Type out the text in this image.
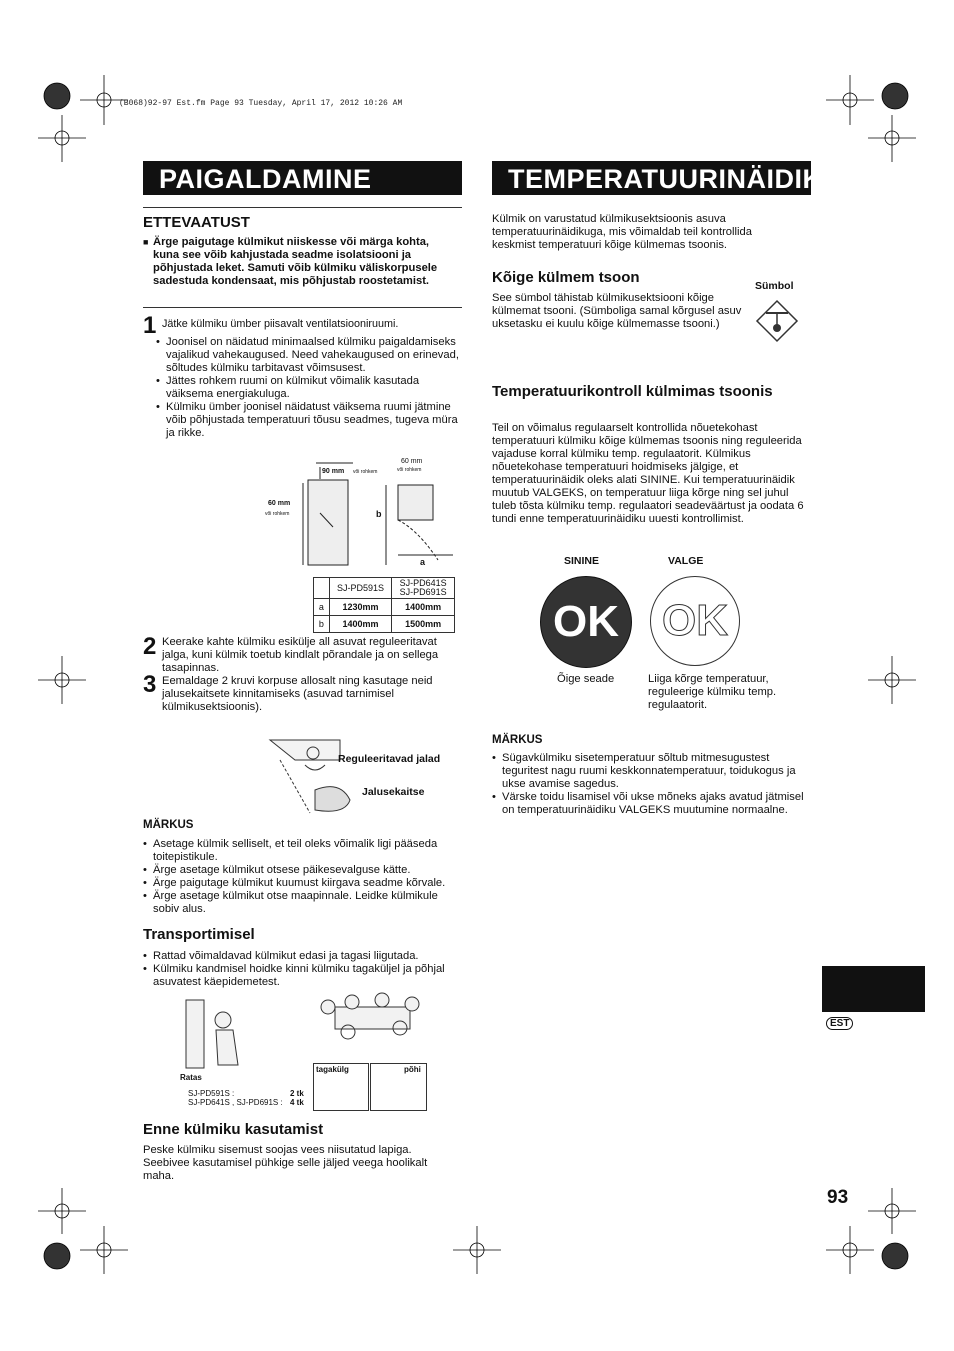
(B068)92-97 Est.fm Page 93 Tuesday, April 17, 2012 10:26 AM
PAIGALDAMINE
ETTEVAATUST
■ Ärge paigutage külmikut niiskesse või märga kohta, kuna see võib kahjustada seadme isolatsiooni ja põhjustada leket. Samuti võib külmiku väliskorpusele sadestuda kondensaat, mis põhjustab roostetamist.
1 Jätke külmiku ümber piisavalt ventilatsiooniruumi.
• Joonisel on näidatud minimaalsed külmiku paigaldamiseks vajalikud vahekaugused. Need vahekaugused on erinevad, sõltudes külmiku tarbitavast võimsusest.
• Jättes rohkem ruumi on külmikut võimalik kasutada väiksema energiakuluga.
• Külmiku ümber joonisel näidatust väiksema ruumi jätmine võib põhjustada temperatuuri tõusu seadmes, tugeva müra ja rikke.
90 mm või rohkem
60 mm
või rohkem
60 mm
või rohkem
b
a
	SJ-PD591S	SJ-PD641S
SJ-PD691S
a	1230mm	1400mm
b	1400mm	1500mm
2 Keerake kahte külmiku esikülje all asuvat reguleeritavat jalga, kuni külmik toetub kindlalt põrandale ja on sellega tasapinnas.
3 Eemaldage 2 kruvi korpuse allosalt ning kasutage neid jalusekaitsete kinnitamiseks (asuvad tarnimisel külmikusektsioonis).
Reguleeritavad jalad
Jalusekaitse
MÄRKUS
• Asetage külmik selliselt, et teil oleks võimalik ligi pääseda toitepistikule.
• Ärge asetage külmikut otsese päikesevalguse kätte.
• Ärge paigutage külmikut kuumust kiirgava seadme kõrvale.
• Ärge asetage külmikut otse maapinnale. Leidke külmikule sobiv alus.
Transportimisel
• Rattad võimaldavad külmikut edasi ja tagasi liigutada.
• Külmiku kandmisel hoidke kinni külmiku tagaküljel ja põhjal asuvatest käepidemetest.
Ratas
tagakülg	põhi
SJ-PD591S :	2 tk
SJ-PD641S , SJ-PD691S : 4 tk
Enne külmiku kasutamist
Peske külmiku sisemust soojas vees niisutatud lapiga. Seebivee kasutamisel pühkige selle jäljed veega hoolikalt maha.
TEMPERATUURINÄIDIK
Külmik on varustatud külmikusektsioonis asuva temperatuurinäidikuga, mis võimaldab teil kontrollida keskmist temperatuuri kõige külmemas tsoonis.
Kõige külmem tsoon	Sümbol
See sümbol tähistab külmikusektsiooni kõige külmemat tsooni. (Sümboliga samal kõrgusel asuv uksetasku ei kuulu kõige külmemasse tsooni.)
Temperatuurikontroll külmimas tsoonis
Teil on võimalus regulaarselt kontrollida nõuetekohast temperatuuri külmiku kõige külmemas tsoonis ning reguleerida vajaduse korral külmiku temp. regulaatorit. Külmikus nõuetekohase temperatuuri hoidmiseks jälgige, et temperatuurinäidik oleks alati SININE. Kui temperatuurinäidik muutub VALGEKS, on temperatuur liiga kõrge ning sel juhul tuleb tõsta külmiku temp. regulaatori seadeväärtust ja oodata 6 tundi enne temperatuurinäidiku uuesti kontrollimist.
SININE	VALGE
OK OK
Õige seade	Liiga kõrge temperatuur, reguleerige külmiku temp. regulaatorit.
MÄRKUS
• Sügavkülmiku sisetemperatuur sõltub mitmesugustest teguritest nagu ruumi keskkonnatemperatuur, toidukogus ja ukse avamise sagedus.
• Värske toidu lisamisel või ukse mõneks ajaks avatud jätmisel on temperatuurinäidiku VALGEKS muutumine normaalne.
EST
93
